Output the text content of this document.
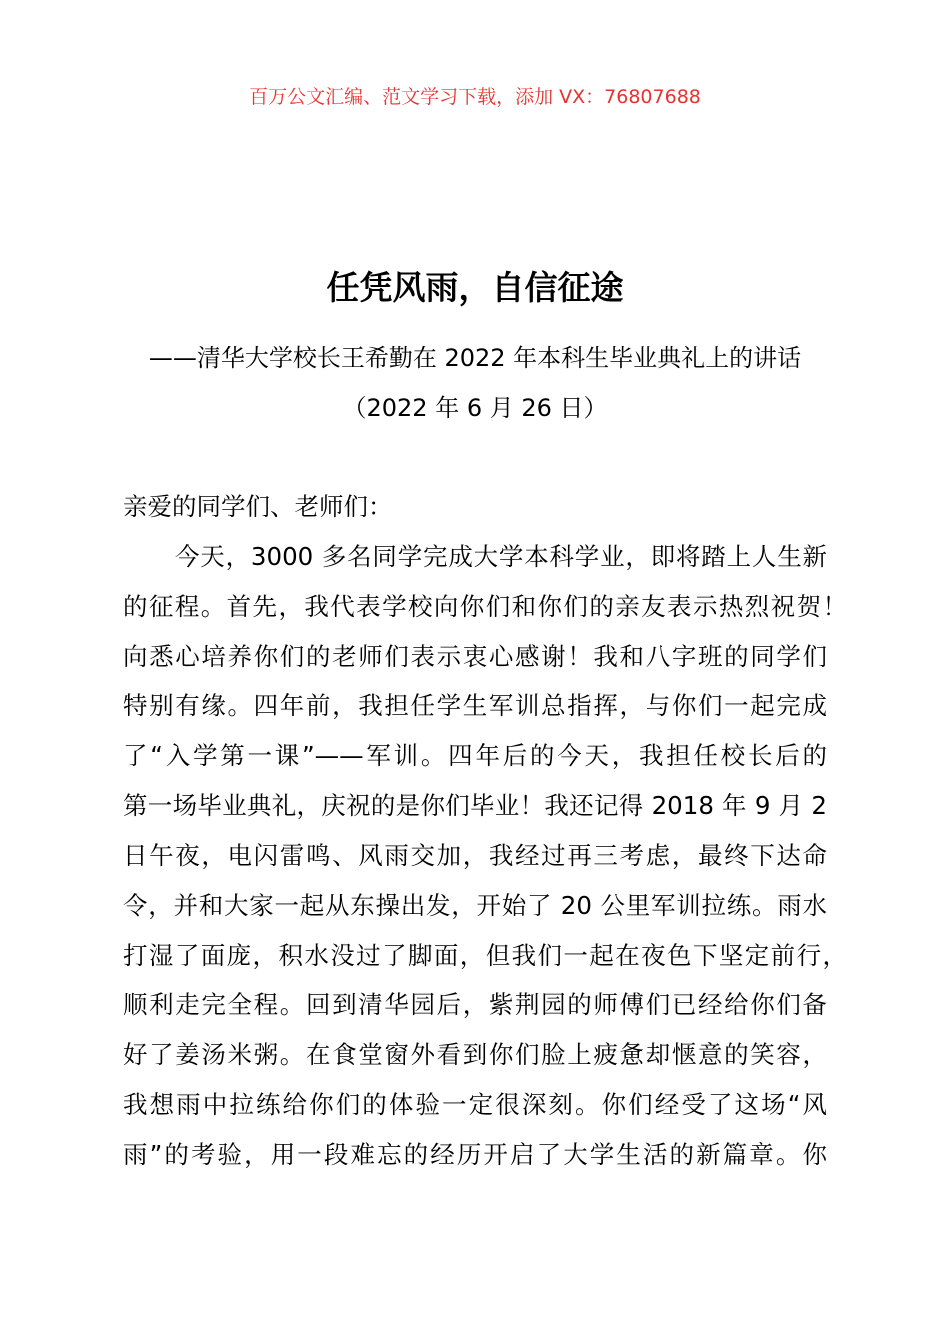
百万公文汇编、范文学习下载，添加 VX：76807688
任凭风雨，自信征途
——清华大学校长王希勤在 2022 年本科生毕业典礼上的讲话
（2022 年 6 月 26 日）
亲爱的同学们、老师们：
今天，3000 多名同学完成大学本科学业，即将踏上人生新
的征程。首先，我代表学校向你们和你们的亲友表示热烈祝贺！
向悉心培养你们的老师们表示衷心感谢！我和八字班的同学们
特别有缘。四年前，我担任学生军训总指挥，与你们一起完成
了“入学第一课”——军训。四年后的今天，我担任校长后的
第一场毕业典礼，庆祝的是你们毕业！我还记得 2018 年 9 月 2
日午夜，电闪雷鸣、风雨交加，我经过再三考虑，最终下达命
令，并和大家一起从东操出发，开始了 20 公里军训拉练。雨水
打湿了面庞，积水没过了脚面，但我们一起在夜色下坚定前行，
顺利走完全程。回到清华园后，紫荆园的师傅们已经给你们备
好了姜汤米粥。在食堂窗外看到你们脸上疲惫却惬意的笑容，
我想雨中拉练给你们的体验一定很深刻。你们经受了这场“风
雨”的考验，用一段难忘的经历开启了大学生活的新篇章。你
